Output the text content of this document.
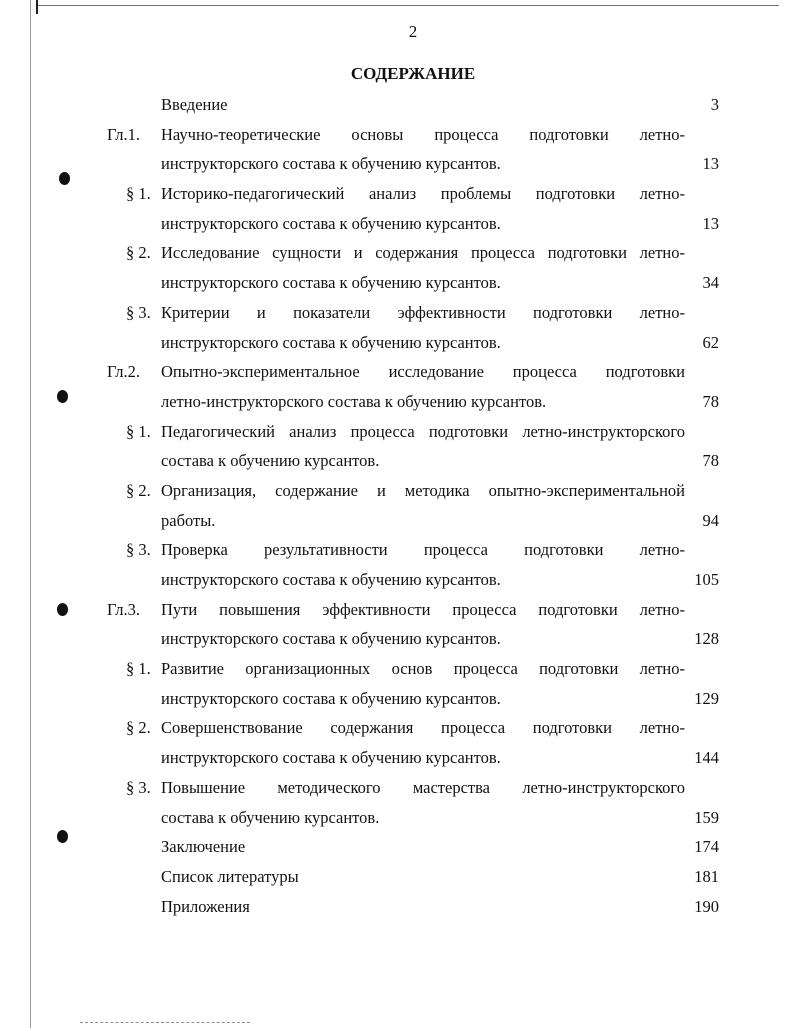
2
СОДЕРЖАНИЕ
Введение	3
Гл.1. Научно-теоретические основы процесса подготовки летно-
инструкторского состава к обучению курсантов.	13
§ 1. Историко-педагогический анализ проблемы подготовки летно-
инструкторского состава к обучению курсантов.	13
§ 2. Исследование сущности и содержания процесса подготовки летно-
инструкторского состава к обучению курсантов.	34
§ 3. Критерии и показатели эффективности подготовки летно-
инструкторского состава к обучению курсантов.	62
Гл.2. Опытно-экспериментальное исследование процесса подготовки
летно-инструкторского состава к обучению курсантов.	78
§ 1. Педагогический анализ процесса подготовки летно-инструкторского
состава к обучению курсантов.	78
§ 2. Организация, содержание и методика опытно-экспериментальной
работы.	94
§ 3. Проверка результативности процесса подготовки летно-
инструкторского состава к обучению курсантов.	105
Гл.3. Пути повышения эффективности процесса подготовки летно-
инструкторского состава к обучению курсантов.	128
§ 1. Развитие организационных основ процесса подготовки летно-
инструкторского состава к обучению курсантов.	129
§ 2. Совершенствование содержания процесса подготовки летно-
инструкторского состава к обучению курсантов.	144
§ 3. Повышение методического мастерства летно-инструкторского
состава к обучению курсантов.	159
Заключение	174
Список литературы	181
Приложения	190
